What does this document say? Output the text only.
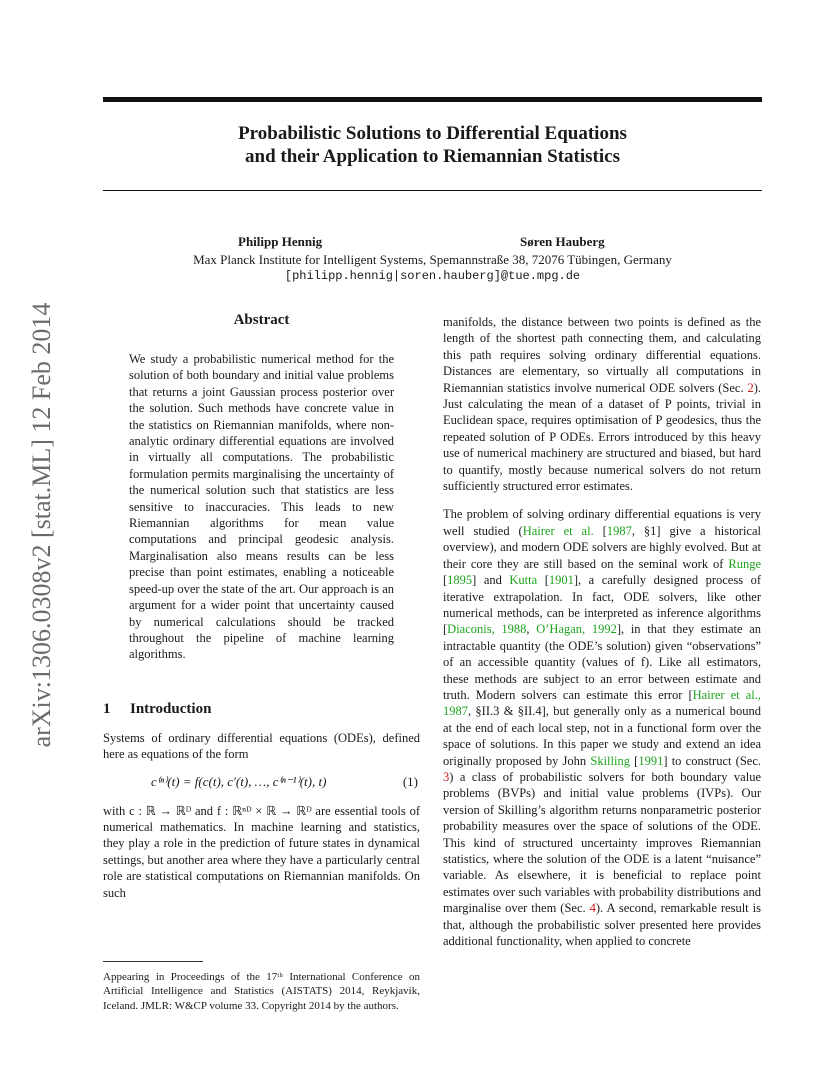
Probabilistic Solutions to Differential Equations
and their Application to Riemannian Statistics
Philipp Hennig	Søren Hauberg
Max Planck Institute for Intelligent Systems, Spemannstraße 38, 72076 Tübingen, Germany
[philipp.hennig|soren.hauberg]@tue.mpg.de
arXiv:1306.0308v2 [stat.ML] 12 Feb 2014	Abstract

We study a probabilistic numerical method for the solution of both boundary and initial value problems that returns a joint Gaussian process posterior over the solution. Such methods have concrete value in the statistics on Riemannian manifolds, where non-analytic ordinary differential equations are involved in virtually all computations. The probabilistic formulation permits marginalising the uncertainty of the numerical solution such that statistics are less sensitive to inaccuracies. This leads to new Riemannian algorithms for mean value computations and principal geodesic analysis. Marginalisation also means results can be less precise than point estimates, enabling a noticeable speed-up over the state of the art. Our approach is an argument for a wider point that uncertainty caused by numerical calculations should be tracked throughout the pipeline of machine learning algorithms.

1 Introduction

Systems of ordinary differential equations (ODEs), defined here as equations of the form

c⁽ⁿ⁾(t) = f(c(t), c′(t), …, c⁽ⁿ⁻¹⁾(t), t)	(1)

with c : ℝ → ℝᴰ and f : ℝⁿᴰ × ℝ → ℝᴰ are essential tools of numerical mathematics. In machine learning and statistics, they play a role in the prediction of future states in dynamical settings, but another area where they have a particularly central role are statistical computations on Riemannian manifolds. On such

Appearing in Proceedings of the 17ᵗʰ International Conference on Artificial Intelligence and Statistics (AISTATS) 2014, Reykjavik, Iceland. JMLR: W&CP volume 33. Copyright 2014 by the authors.

manifolds, the distance between two points is defined as the length of the shortest path connecting them, and calculating this path requires solving ordinary differential equations. Distances are elementary, so virtually all computations in Riemannian statistics involve numerical ODE solvers (Sec. 2). Just calculating the mean of a dataset of P points, trivial in Euclidean space, requires optimisation of P geodesics, thus the repeated solution of P ODEs. Errors introduced by this heavy use of numerical machinery are structured and biased, but hard to quantify, mostly because numerical solvers do not return sufficiently structured error estimates.

The problem of solving ordinary differential equations is very well studied (Hairer et al. [1987, §1] give a historical overview), and modern ODE solvers are highly evolved. But at their core they are still based on the seminal work of Runge [1895] and Kutta [1901], a carefully designed process of iterative extrapolation. In fact, ODE solvers, like other numerical methods, can be interpreted as inference algorithms [Diaconis, 1988, O’Hagan, 1992], in that they estimate an intractable quantity (the ODE’s solution) given “observations” of an accessible quantity (values of f). Like all estimators, these methods are subject to an error between estimate and truth. Modern solvers can estimate this error [Hairer et al., 1987, §II.3 & §II.4], but generally only as a numerical bound at the end of each local step, not in a functional form over the space of solutions. In this paper we study and extend an idea originally proposed by John Skilling [1991] to construct (Sec. 3) a class of probabilistic solvers for both boundary value problems (BVPs) and initial value problems (IVPs). Our version of Skilling’s algorithm returns nonparametric posterior probability measures over the space of solutions of the ODE. This kind of structured uncertainty improves Riemannian statistics, where the solution of the ODE is a latent “nuisance” variable. As elsewhere, it is beneficial to replace point estimates over such variables with probability distributions and marginalise over them (Sec. 4). A second, remarkable result is that, although the probabilistic solver presented here provides additional functionality, when applied to concrete
